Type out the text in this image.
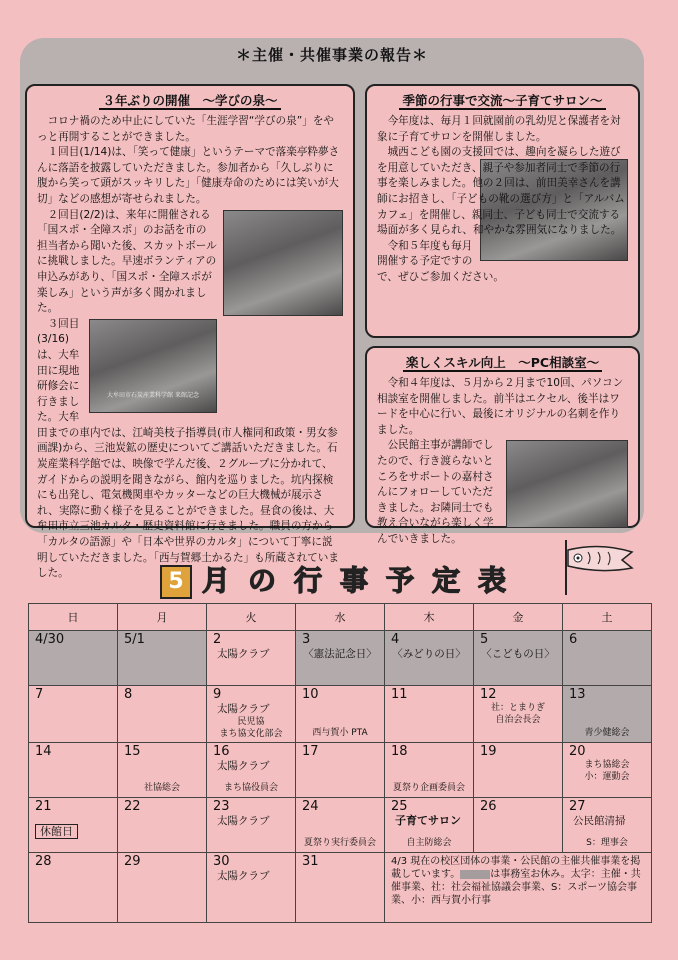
＊主催・共催事業の報告＊
３年ぶりの開催　～学びの泉～

コロナ禍のため中止にしていた「生涯学習“学びの泉”」をやっと再開することができました。

１回目(1/14)は、「笑って健康」というテーマで落楽亭粋夢さんに落語を披露していただきました。参加者から「久しぶりに腹から笑って頭がスッキリした」「健康寿命のためには笑いが大切」などの感想が寄せられました。

２回目(2/2)は、来年に開催される「国スポ・全障スポ」のお話を市の担当者から聞いた後、スカットボールに挑戦しました。早速ボランティアの申込みがあり、「国スポ・全障スポが楽しみ」という声が多く聞かれました。

大牟田市石炭産業科学館 来館記念

３回目(3/16)は、大牟田に現地研修会に行きました。大牟田までの車内では、江崎美枝子指導員(市人権同和政策・男女参画課)から、三池炭鉱の歴史についてご講話いただきました。石炭産業科学館では、映像で学んだ後、２グループに分かれて、ガイドからの説明を聞きながら、館内を巡りました。坑内探検にも出発し、電気機関車やカッターなどの巨大機械が展示され、実際に動く様子を見ることができました。昼食の後は、大牟田市立三池カルタ・歴史資料館に行きました。職員の方から「カルタの語源」や「日本や世界のカルタ」について丁寧に説明していただきました。「西与賀郷土かるた」も所蔵されていました。

季節の行事で交流～子育てサロン～

今年度は、毎月１回就園前の乳幼児と保護者を対象に子育てサロンを開催しました。

城西こども園の支援回では、趣向を凝らした遊びを用意していただき、親子や参加者同士で季節の行事を楽しみました。他の２回は、前田美幸さんを講師にお招きし、「子どもの靴の選び方」と「アルバムカフェ」を開催し、親同士、子ども同士で交流する場面が多く見られ、和やかな雰囲気になりました。

令和５年度も毎月開催する予定ですので、ぜひご参加ください。

楽しくスキル向上　～PC相談室～

令和４年度は、５月から２月まで10回、パソコン相談室を開催しました。前半はエクセル、後半はワードを中心に行い、最後にオリジナルの名刺を作りました。

公民館主事が講師でしたので、行き渡らないところをサポートの嘉村さんにフォローしていただきました。お隣同士でも教え合いながら楽しく学んでいきました。

5 月 の 行 事 予 定 表
日	月	火	水	木	金	土

4/30	5/1	2
太陽クラブ	3
〈憲法記念日〉	4
〈みどりの日〉	5
〈こどもの日〉	6

7	8	9
太陽クラブ
民児協
まち協文化部会	10
西与賀小 PTA	11	12
社：とまりぎ
自治会長会	13
青少健総会

14	15
社協総会	16
太陽クラブ
まち協役員会	17	18
夏祭り企画委員会	19	20
まち協総会
小：運動会

21
休館日	22	23
太陽クラブ	24
夏祭り実行委員会	25
子育てサロン
自主防総会	26	27
公民館清掃
S：理事会

28	29	30
太陽クラブ	31	4/3 現在の校区団体の事業・公民館の主催共催事業を掲載しています。 は事務室お休み。太字：主催・共催事業、社：社会福祉協議会事業、S：スポーツ協会事業、小：西与賀小行事		
